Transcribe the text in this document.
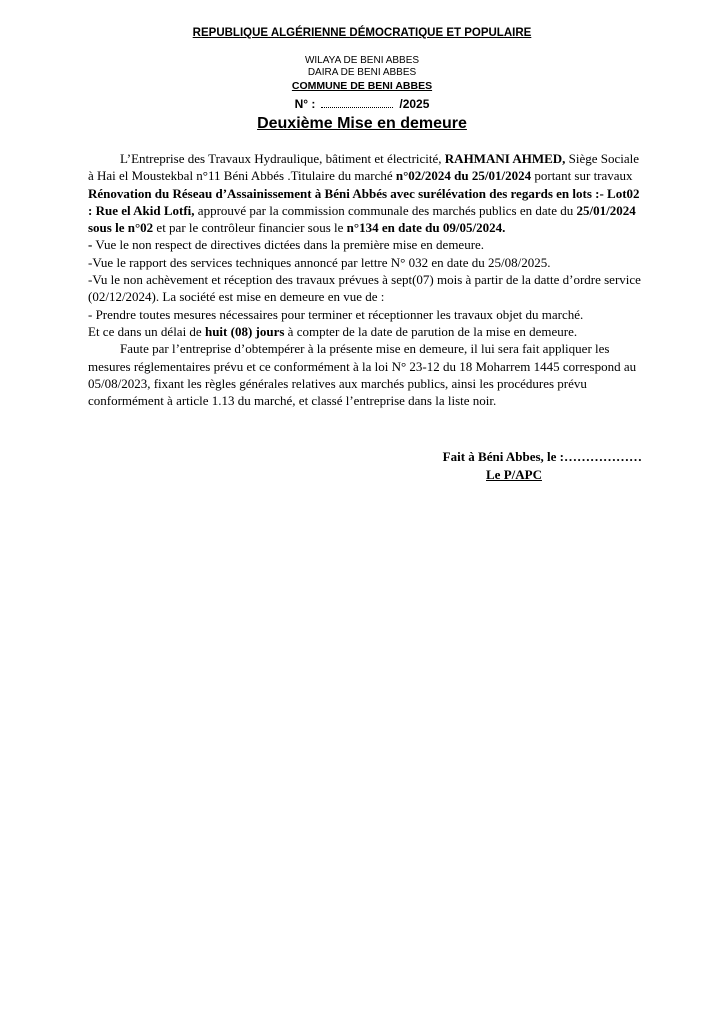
REPUBLIQUE ALGÉRIENNE DÉMOCRATIQUE ET POPULAIRE
WILAYA DE BENI ABBES
DAIRA DE BENI ABBES
COMMUNE DE BENI ABBES
N° :	/2025
Deuxième Mise en demeure

L’Entreprise des Travaux Hydraulique, bâtiment et électricité, RAHMANI AHMED, Siège Sociale à Hai el Moustekbal n°11 Béni Abbés .Titulaire du marché n°02/2024 du 25/01/2024 portant sur travaux Rénovation du Réseau d’Assainissement à Béni Abbés avec surélévation des regards en lots :- Lot02 : Rue el Akid Lotfi, approuvé par la commission communale des marchés publics en date du 25/01/2024 sous le n°02 et par le contrôleur financier sous le n°134 en date du 09/05/2024.

- Vue le non respect de directives dictées dans la première mise en demeure.

-Vue le rapport des services techniques annoncé par lettre N° 032 en date du 25/08/2025.

-Vu le non achèvement et réception des travaux prévues à sept(07) mois à partir de la datte d’ordre service (02/12/2024). La société est mise en demeure en vue de :

- Prendre toutes mesures nécessaires pour terminer et réceptionner les travaux objet du marché.

Et ce dans un délai de huit (08) jours à compter de la date de parution de la mise en demeure.

Faute par l’entreprise d’obtempérer à la présente mise en demeure, il lui sera fait appliquer les mesures réglementaires prévu et ce conformément à la loi N° 23-12 du 18 Moharrem 1445 correspond au 05/08/2023, fixant les règles générales relatives aux marchés publics, ainsi les procédures prévu conformément à article 1.13 du marché, et classé l’entreprise dans la liste noir.

Fait à Béni Abbes, le :………………
Le P/APC
